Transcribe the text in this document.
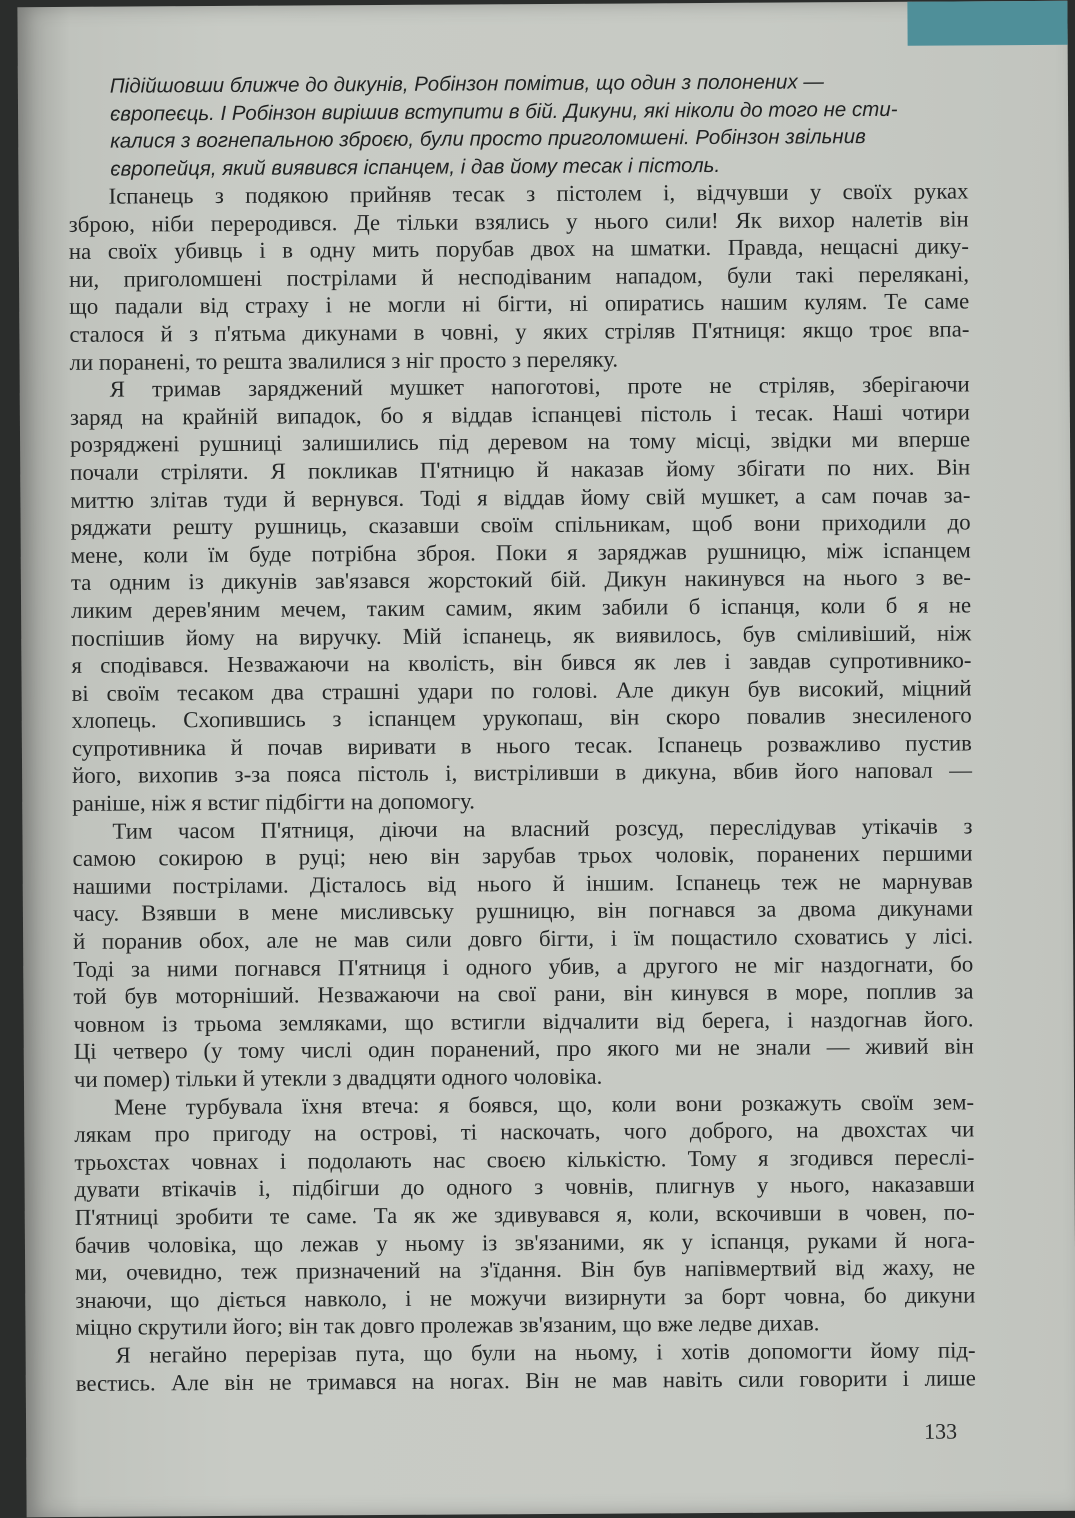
Підійшовши ближче до дикунів, Робінзон помітив, що один з полонених —
європеєць. І Робінзон вирішив вступити в бій. Дикуни, які ніколи до того не сти-
калися з вогнепальною зброєю, були просто приголомшені. Робінзон звільнив
європейця, який виявився іспанцем, і дав йому тесак і пістоль.
Іспанець з подякою прийняв тесак з пістолем і, відчувши у своїх руках
зброю, ніби переродився. Де тільки взялись у нього сили! Як вихор налетів він
на своїх убивць і в одну мить порубав двох на шматки. Правда, нещасні дику-
ни, приголомшені пострілами й несподіваним нападом, були такі перелякані,
що падали від страху і не могли ні бігти, ні опиратись нашим кулям. Те саме
сталося й з п'ятьма дикунами в човні, у яких стріляв П'ятниця: якщо троє впа-
ли поранені, то решта звалилися з ніг просто з переляку.
Я тримав заряджений мушкет напоготові, проте не стріляв, зберігаючи
заряд на крайній випадок, бо я віддав іспанцеві пістоль і тесак. Наші чотири
розряджені рушниці залишились під деревом на тому місці, звідки ми вперше
почали стріляти. Я покликав П'ятницю й наказав йому збігати по них. Він
миттю злітав туди й вернувся. Тоді я віддав йому свій мушкет, а сам почав за-
ряджати решту рушниць, сказавши своїм спільникам, щоб вони приходили до
мене, коли їм буде потрібна зброя. Поки я заряджав рушницю, між іспанцем
та одним із дикунів зав'язався жорстокий бій. Дикун накинувся на нього з ве-
ликим дерев'яним мечем, таким самим, яким забили б іспанця, коли б я не
поспішив йому на виручку. Мій іспанець, як виявилось, був сміливіший, ніж
я сподівався. Незважаючи на кволість, він бився як лев і завдав супротивнико-
ві своїм тесаком два страшні удари по голові. Але дикун був високий, міцний
хлопець. Схопившись з іспанцем урукопаш, він скоро повалив знесиленого
супротивника й почав виривати в нього тесак. Іспанець розважливо пустив
його, вихопив з-за пояса пістоль і, вистріливши в дикуна, вбив його наповал —
раніше, ніж я встиг підбігти на допомогу.
Тим часом П'ятниця, діючи на власний розсуд, переслідував утікачів з
самою сокирою в руці; нею він зарубав трьох чоловік, поранених першими
нашими пострілами. Дісталось від нього й іншим. Іспанець теж не марнував
часу. Взявши в мене мисливську рушницю, він погнався за двома дикунами
й поранив обох, але не мав сили довго бігти, і їм пощастило сховатись у лісі.
Тоді за ними погнався П'ятниця і одного убив, а другого не міг наздогнати, бо
той був моторніший. Незважаючи на свої рани, він кинувся в море, поплив за
човном із трьома земляками, що встигли відчалити від берега, і наздогнав його.
Ці четверо (у тому числі один поранений, про якого ми не знали — живий він
чи помер) тільки й утекли з двадцяти одного чоловіка.
Мене турбувала їхня втеча: я боявся, що, коли вони розкажуть своїм зем-
лякам про пригоду на острові, ті наскочать, чого доброго, на двохстах чи
трьохстах човнах і подолають нас своєю кількістю. Тому я згодився переслі-
дувати втікачів і, підбігши до одного з човнів, плигнув у нього, наказавши
П'ятниці зробити те саме. Та як же здивувався я, коли, вскочивши в човен, по-
бачив чоловіка, що лежав у ньому із зв'язаними, як у іспанця, руками й нога-
ми, очевидно, теж призначений на з'їдання. Він був напівмертвий від жаху, не
знаючи, що діється навколо, і не можучи визирнути за борт човна, бо дикуни
міцно скрутили його; він так довго пролежав зв'язаним, що вже ледве дихав.
Я негайно перерізав пута, що були на ньому, і хотів допомогти йому під-
вестись. Але він не тримався на ногах. Він не мав навіть сили говорити і лише
133
